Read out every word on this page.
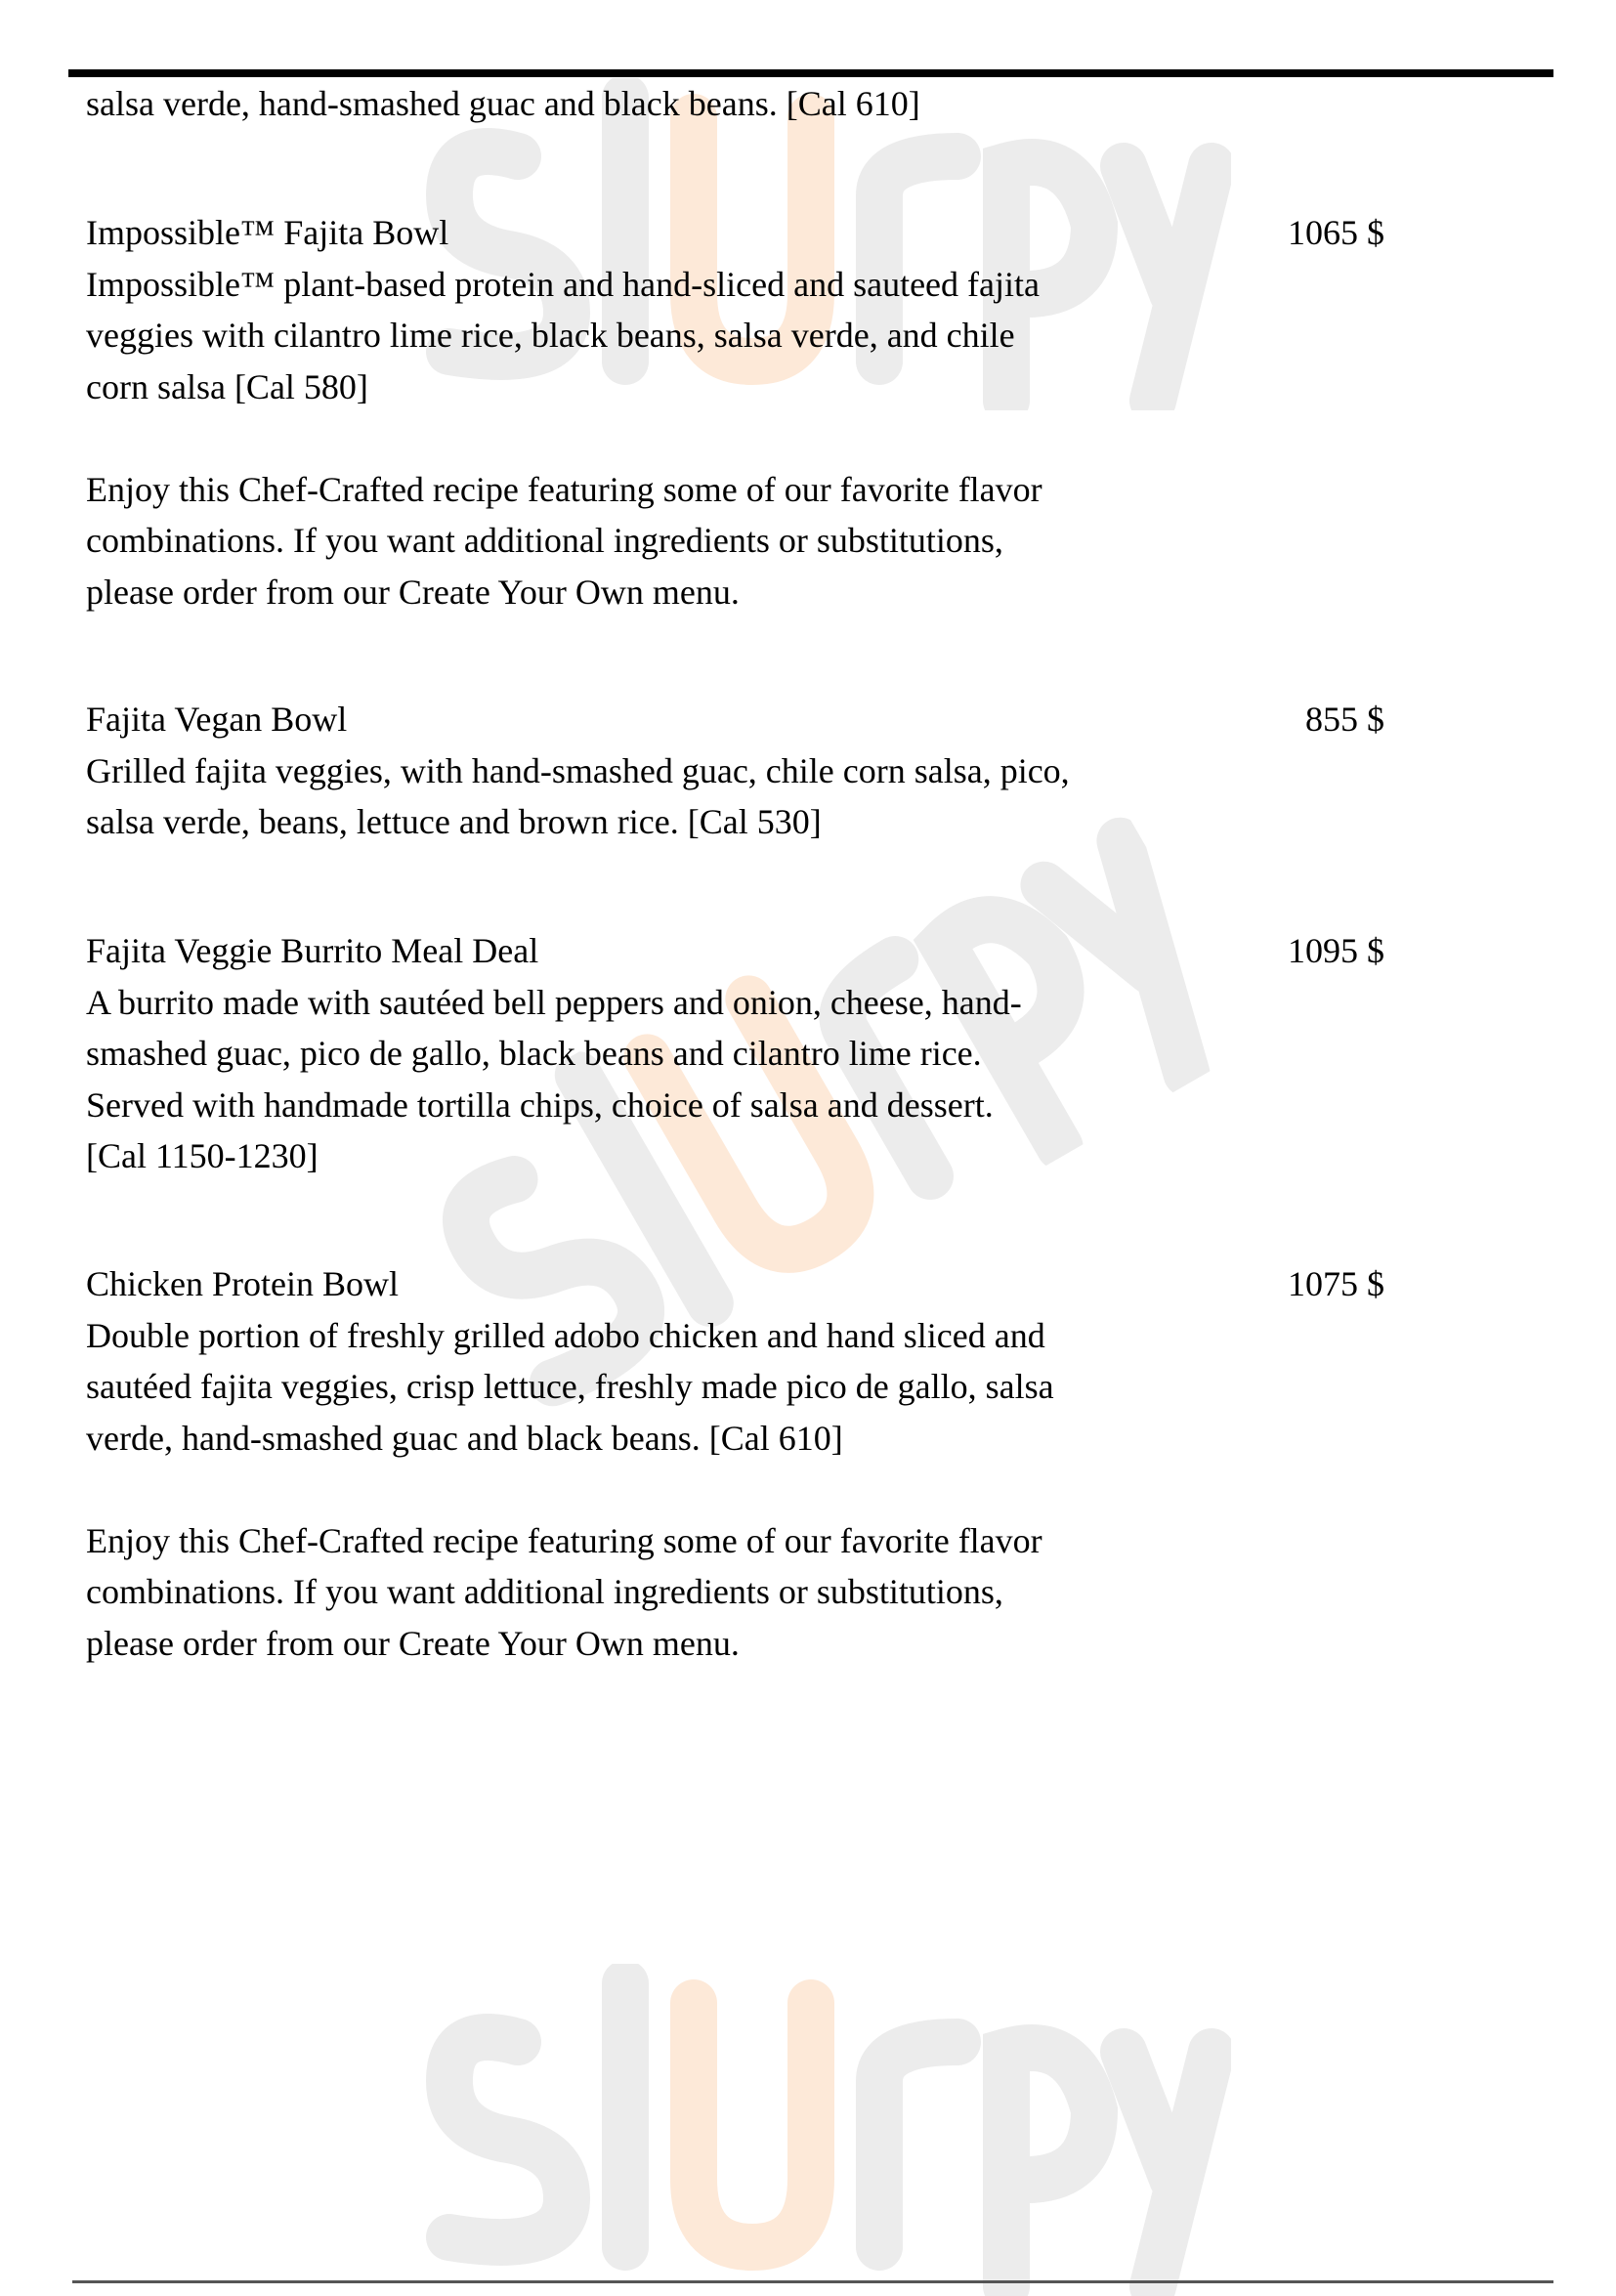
salsa verde, hand-smashed guac and black beans. [Cal 610]
Impossible™ Fajita Bowl
Impossible™ plant-based protein and hand-sliced and sauteed fajita
veggies with cilantro lime rice, black beans, salsa verde, and chile
corn salsa [Cal 580]
Enjoy this Chef-Crafted recipe featuring some of our favorite flavor
combinations. If you want additional ingredients or substitutions,
please order from our Create Your Own menu.
1065 $
Fajita Vegan Bowl
Grilled fajita veggies, with hand-smashed guac, chile corn salsa, pico,
salsa verde, beans, lettuce and brown rice. [Cal 530]
855 $
Fajita Veggie Burrito Meal Deal
A burrito made with sautéed bell peppers and onion, cheese, hand-
smashed guac, pico de gallo, black beans and cilantro lime rice.
Served with handmade tortilla chips, choice of salsa and dessert.
[Cal 1150-1230]
1095 $
Chicken Protein Bowl
Double portion of freshly grilled adobo chicken and hand sliced and
sautéed fajita veggies, crisp lettuce, freshly made pico de gallo, salsa
verde, hand-smashed guac and black beans. [Cal 610]
Enjoy this Chef-Crafted recipe featuring some of our favorite flavor
combinations. If you want additional ingredients or substitutions,
please order from our Create Your Own menu.
1075 $
